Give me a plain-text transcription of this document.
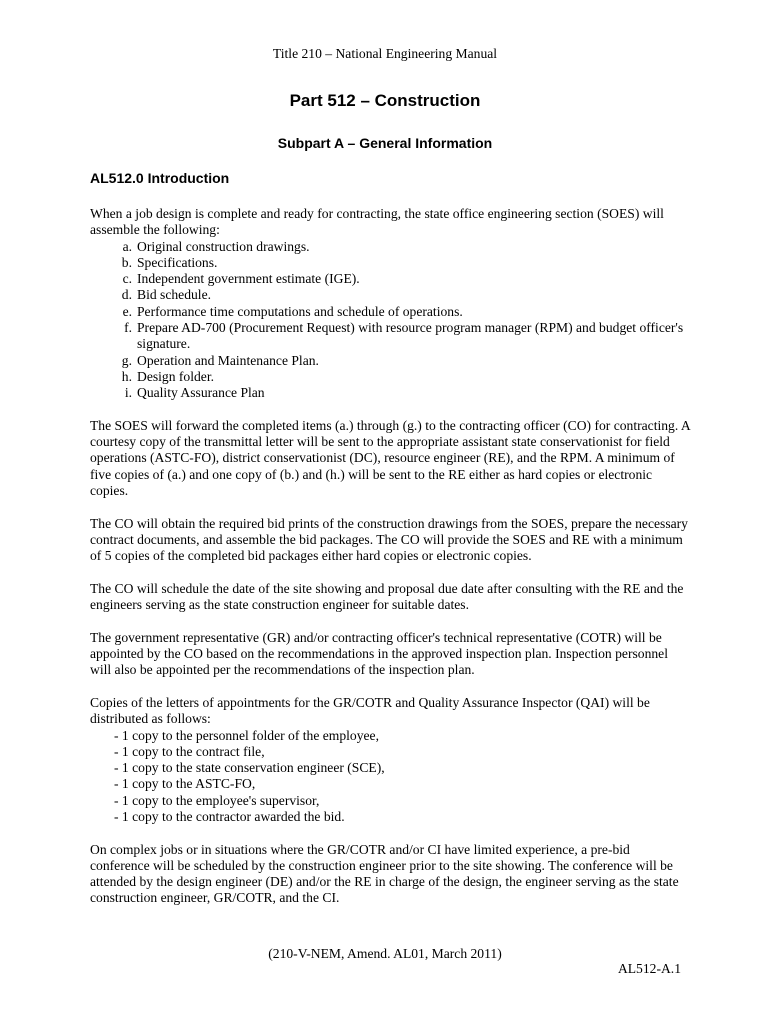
Title 210 – National Engineering Manual
Part 512 – Construction
Subpart A – General Information
AL512.0 Introduction

When a job design is complete and ready for contracting, the state office engineering section (SOES) will assemble the following:

a. Original construction drawings.
b. Specifications.
c. Independent government estimate (IGE).
d. Bid schedule.
e. Performance time computations and schedule of operations.
f. Prepare AD-700 (Procurement Request) with resource program manager (RPM) and budget officer's signature.
g. Operation and Maintenance Plan.
h. Design folder.
i. Quality Assurance Plan

The SOES will forward the completed items (a.) through (g.) to the contracting officer (CO) for contracting. A courtesy copy of the transmittal letter will be sent to the appropriate assistant state conservationist for field operations (ASTC-FO), district conservationist (DC), resource engineer (RE), and the RPM. A minimum of five copies of (a.) and one copy of (b.) and (h.) will be sent to the RE either as hard copies or electronic copies.

The CO will obtain the required bid prints of the construction drawings from the SOES, prepare the necessary contract documents, and assemble the bid packages. The CO will provide the SOES and RE with a minimum of 5 copies of the completed bid packages either hard copies or electronic copies.

The CO will schedule the date of the site showing and proposal due date after consulting with the RE and the engineers serving as the state construction engineer for suitable dates.

The government representative (GR) and/or contracting officer's technical representative (COTR) will be appointed by the CO based on the recommendations in the approved inspection plan. Inspection personnel will also be appointed per the recommendations of the inspection plan.

Copies of the letters of appointments for the GR/COTR and Quality Assurance Inspector (QAI) will be distributed as follows:

- 1 copy to the personnel folder of the employee,
- 1 copy to the contract file,
- 1 copy to the state conservation engineer (SCE),
- 1 copy to the ASTC-FO,
- 1 copy to the employee's supervisor,
- 1 copy to the contractor awarded the bid.

On complex jobs or in situations where the GR/COTR and/or CI have limited experience, a pre-bid conference will be scheduled by the construction engineer prior to the site showing. The conference will be attended by the design engineer (DE) and/or the RE in charge of the design, the engineer serving as the state construction engineer, GR/COTR, and the CI.

(210-V-NEM, Amend. AL01, March 2011)
AL512-A.1
